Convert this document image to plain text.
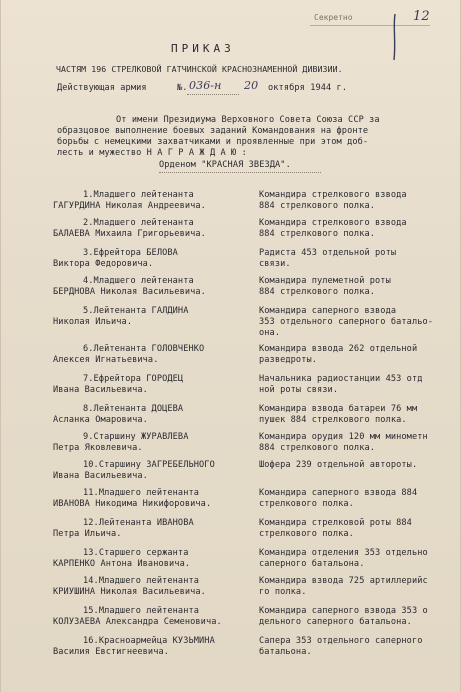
Секретно	12
ПРИКАЗ
ЧАСТЯМ 196 СТРЕЛКОВОЙ ГАТЧИНСКОЙ КРАСНОЗНАМЕННОЙ ДИВИЗИИ.
Действующая армия	№. 036-н 20 октября 1944 г.
От имени Президиума Верховного Совета Союза ССР за
образцовое выполнение боевых заданий Командования на фронте
борьбы с немецкими захватчиками и проявленные при этом доб-
лесть и мужество Н А Г Р А Ж Д А Ю :
Орденом "КРАСНАЯ ЗВЕЗДА".
1.Младшего лейтенанта
ГАГУРДИНА Николая Андреевича.
Командира стрелкового взвода
884 стрелкового полка.
2.Младшего лейтенанта
БАЛАЕВА Михаила Григорьевича.
Командира стрелкового взвода
884 стрелкового полка.
3.Ефрейтора БЕЛОВА
Виктора Федоровича.
Радиста 453 отдельной роты
связи.
4.Младшего лейтенанта
БЕРДНОВА Николая Васильевича.
Командира пулеметной роты
884 стрелкового полка.
5.Лейтенанта ГАЛДИНА
Николая Ильича.
Командира саперного взвода
353 отдельного саперного батальо-
она.
6.Лейтенанта ГОЛОВЧЕНКО
Алексея Игнатьевича.
Командира взвода 262 отдельной
разведроты.
7.Ефрейтора ГОРОДЕЦ
Ивана Васильевича.
Начальника радиостанции 453 отд
ной роты связи.
8.Лейтенанта ДОЦЕВА
Асланка Омаровича.
Командира взвода батареи 76 мм
пушек 884 стрелкового полка.
9.Старшину ЖУРАВЛЕВА
Петра Яковлевича.
Командира орудия 120 мм минометн
884 стрелкового полка.
10.Старшину ЗАГРЕБЕЛЬНОГО
Ивана Васильевича.
Шофера 239 отдельной автороты.
11.Младшего лейтенанта
ИВАНОВА Никодима Никифоровича.
Командира саперного взвода 884
стрелкового полка.
12.Лейтенанта ИВАНОВА
Петра Ильича.
Командира стрелковой роты 884
стрелкового полка.
13.Старшего сержанта
КАРПЕНКО Антона Ивановича.
Командира отделения 353 отдельно
саперного батальона.
14.Младшего лейтенанта
КРИУШИНА Николая Васильевича.
Командира взвода 725 артиллерийс
го полка.
15.Младшего лейтенанта
КОЛУЗАЕВА Александра Семеновича.
Командира саперного взвода 353 о
дельного саперного батальона.
16.Красноармейца КУЗЬМИНА
Василия Евстигнеевича.
Сапера 353 отдельного саперного
батальона.
